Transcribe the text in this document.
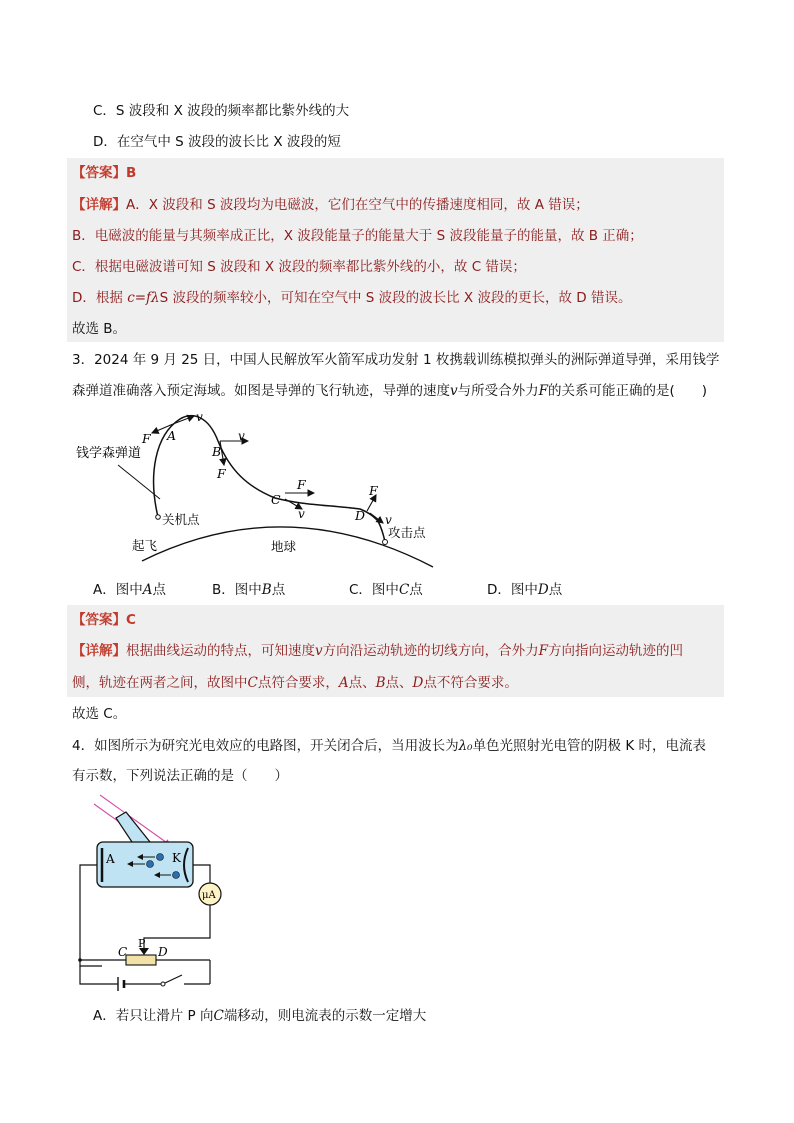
C．S 波段和 X 波段的频率都比紫外线的大
D．在空气中 S 波段的波长比 X 波段的短
【答案】B
【详解】A．X 波段和 S 波段均为电磁波，它们在空气中的传播速度相同，故 A 错误；
B．电磁波的能量与其频率成正比，X 波段能量子的能量大于 S 波段能量子的能量，故 B 正确；
C．根据电磁波谱可知 S 波段和 X 波段的频率都比紫外线的小，故 C 错误；
D．根据 c=fλS 波段的频率较小，可知在空气中 S 波段的波长比 X 波段的更长，故 D 错误。
故选 B。
3．2024 年 9 月 25 日，中国人民解放军火箭军成功发射 1 枚携载训练模拟弹头的洲际弹道导弹，采用钱学
森弹道准确落入预定海域。如图是导弹的飞行轨迹，导弹的速度v与所受合外力F的关系可能正确的是(　　)
钱学森弹道
关机点
起飞	地球
攻击点
F A
v
B
v
F
C
F
v	D
F
v
A．图中A点	B．图中B点	C．图中C点	D．图中D点
【答案】C
【详解】根据曲线运动的特点，可知速度v方向沿运动轨迹的切线方向，合外力F方向指向运动轨迹的凹
侧，轨迹在两者之间，故图中C点符合要求，A点、B点、D点不符合要求。
故选 C。
4．如图所示为研究光电效应的电路图，开关闭合后，当用波长为λ₀单色光照射光电管的阴极 K 时，电流表
有示数，下列说法正确的是（　　）
A	K
μA
P
C	D
A．若只让滑片 P 向C端移动，则电流表的示数一定增大
